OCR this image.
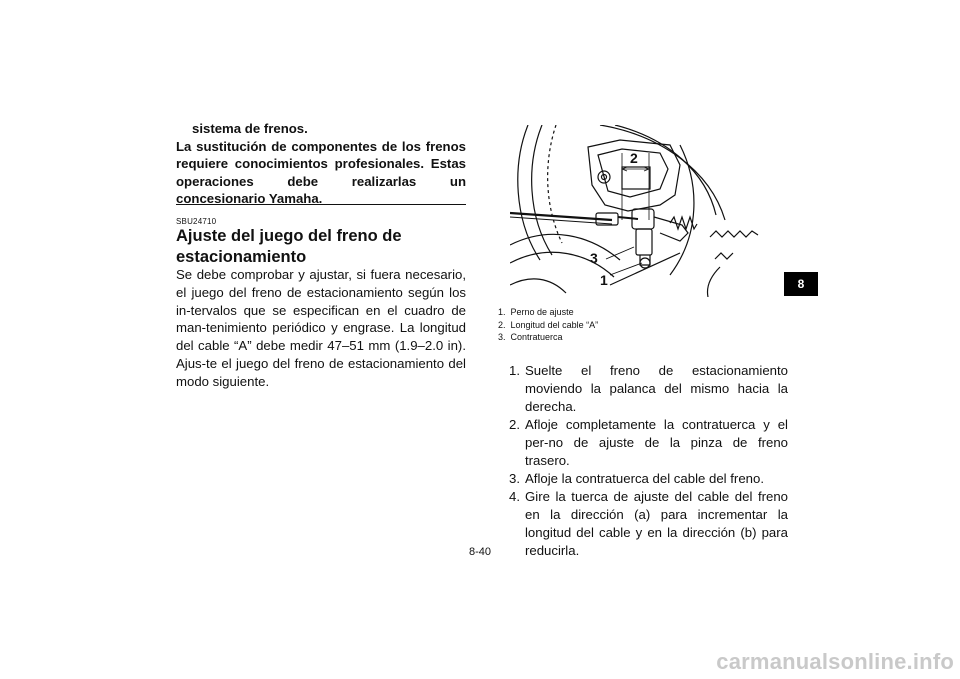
sistema de frenos.
La sustitución de componentes de los frenos requiere conocimientos profesionales. Estas operaciones debe realizarlas un concesionario Yamaha.
SBU24710
Ajuste del juego del freno de estacionamiento
Se debe comprobar y ajustar, si fuera necesario, el juego del freno de estacionamiento según los in-tervalos que se especifican en el cuadro de man-tenimiento periódico y engrase. La longitud del cable “A” debe medir 47–51 mm (1.9–2.0 in). Ajus-te el juego del freno de estacionamiento del modo siguiente.
2
3
1
1. Perno de ajuste
2. Longitud del cable “A”
3. Contratuerca
1. Suelte el freno de estacionamiento moviendo la palanca del mismo hacia la derecha.
2. Afloje completamente la contratuerca y el per-no de ajuste de la pinza de freno trasero.
3. Afloje la contratuerca del cable del freno.
4. Gire la tuerca de ajuste del cable del freno en la dirección (a) para incrementar la longitud del cable y en la dirección (b) para reducirla.
8
8-40
carmanualsonline.info
